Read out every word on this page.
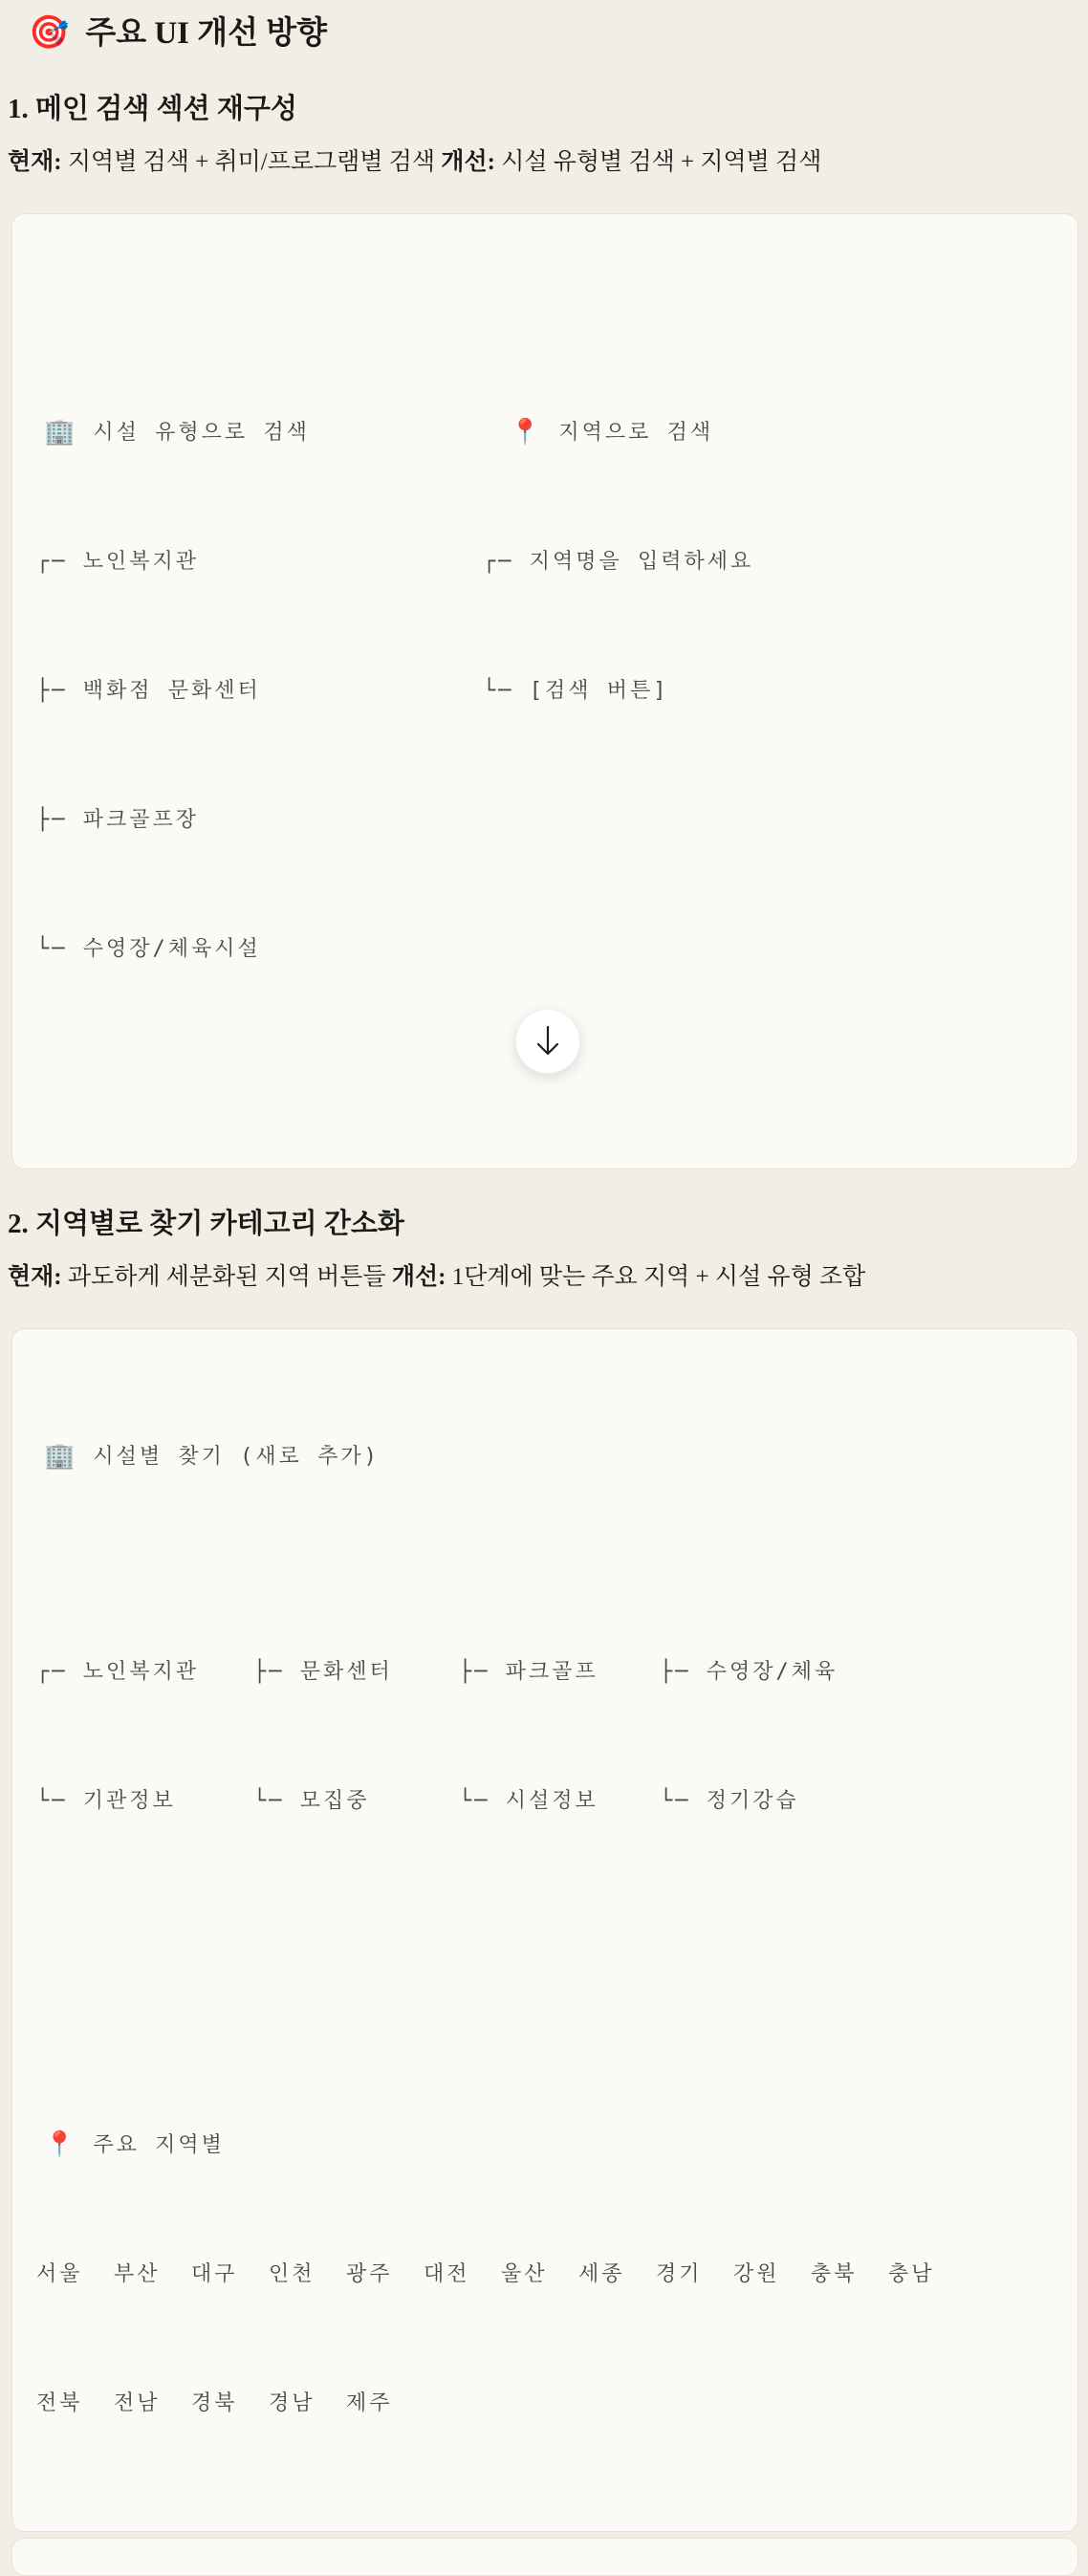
🎯 주요 UI 개선 방향
1. 메인 검색 섹션 재구성

현재: 지역별 검색 + 취미/프로그램별 검색 개선: 시설 유형별 검색 + 지역별 검색

🏢 시설 유형으로 검색

┌─ 노인복지관

├─ 백화점 문화센터

├─ 파크골프장

└─ 수영장/체육시설

📍 지역으로 검색

┌─ 지역명을 입력하세요

└─ [검색 버튼]

2. 지역별로 찾기 카테고리 간소화

현재: 과도하게 세분화된 지역 버튼들 개선: 1단계에 맞는 주요 지역 + 시설 유형 조합

🏢 시설별 찾기 (새로 추가)

┌─ 노인복지관

└─ 기관정보

├─ 문화센터

└─ 모집중

├─ 파크골프

└─ 시설정보

├─ 수영장/체육

└─ 정기강습

📍 주요 지역별

서울  부산  대구  인천  광주  대전  울산  세종  경기  강원  충북  충남

전북  전남  경북  경남  제주
